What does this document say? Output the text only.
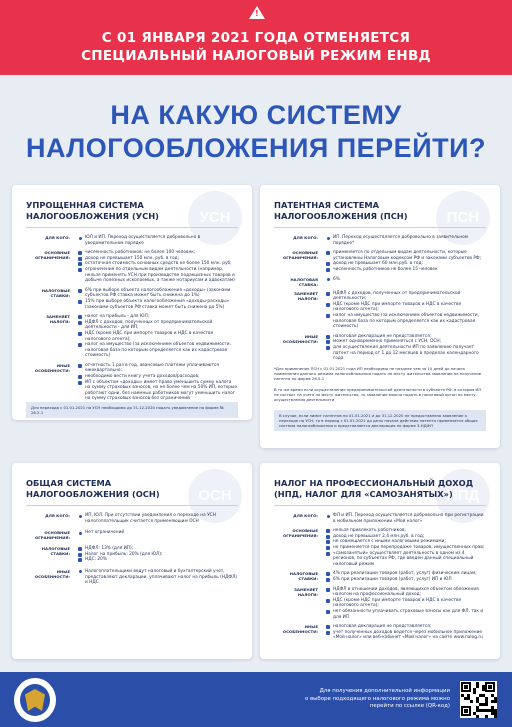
!
С 01 ЯНВАРЯ 2021 ГОДА ОТМЕНЯЕТСЯ
СПЕЦИАЛЬНЫЙ НАЛОГОВЫЙ РЕЖИМ ЕНВД
НА КАКУЮ СИСТЕМУ
НАЛОГООБЛОЖЕНИЯ ПЕРЕЙТИ?
УСН
УПРОЩЕННАЯ СИСТЕМА
НАЛОГООБЛОЖЕНИЯ (УСН)
ДЛЯ КОГО:	ЮЛ и ИП. Переход осуществляется добровольно в уведомительном порядке
ОСНОВНЫЕ ОГРАНИЧЕНИЯ:
численность работников: не более 100 человек;
доход не превышает 150 млн. руб. в год;
остаточная стоимость основных средств не более 150 млн. руб;
ограничения по отдельным видам деятельности (например, нельзя применять УСН при производстве подакцизных товаров и добыче полезных ископаемых, а также нотариусам и адвокатам)
НАЛОГОВЫЕ СТАВКИ:
6% при выборе объекта налогообложения «доходы» (законами субъектов РФ ставка может быть снижена до 1%)
15% при выборе объекта налогообложения «доходы-расходы» (законами субъектов РФ ставка может быть снижена до 5%)
ЗАМЕНЯЕТ НАЛОГИ:
налог на прибыль - для ЮЛ;
НДФЛ с доходов, полученных от предпринимательской деятельности - для ИП;
НДС (кроме НДС при импорте товаров и НДС в качестве налогового агента);
налог на имущество (за исключением объектов недвижимости, налоговая база по которым определяется как их кадастровая стоимость)
ИНЫЕ ОСОБЕННОСТИ:
отчетность 1 раз в год, авансовые платежи уплачиваются ежеквартально;
необходимо вести книгу учета доходов/расходов;
ИП с объектом «доходы» имеет право уменьшить сумму налога на сумму страховых взносов, но не более чем на 50% ИП, которые работают одни, без наемных работников могут уменьшить налог на сумму страховых взносов без ограничений
Для перехода с 01.01.2021 на УСН необходимо до 31.12.2020 подать уведомление по форме № 26.2-1
ПСН
ПАТЕНТНАЯ СИСТЕМА
НАЛОГООБЛОЖЕНИЯ (ПСН)
ДЛЯ КОГО:	ИП. Переход осуществляется добровольно в заявительном порядке*
ОСНОВНЫЕ ОГРАНИЧЕНИЯ:
применяется по отдельным видам деятельности, которые установлены Налоговым кодексом РФ и законами субъектов РФ;
доход не превышает 60 млн.руб. в год;
численность работников не более 15 человек
НАЛОГОВАЯ СТАВКА:
6%
ЗАМЕНЯЕТ НАЛОГИ:
НДФЛ с доходов, полученных от предпринимательской деятельности;
НДС (кроме НДС при импорте товаров и НДС в качестве налогового агента);
налог на имущество (за исключением объектов недвижимости, налоговая база по которым определяется как их кадастровая стоимость)
ИНЫЕ ОСОБЕННОСТИ:
налоговая декларация не представляется;
может одновременно применяться с УСН, ОСН;
для осуществления деятельности ИП по заявлению получает патент на период от 1 до 12 месяцев в пределах календарного года
*Для применения ПСН с 01.01.2021 года ИП необходимо не позднее чем за 10 дней до начала применения данного режима налогообложения подать по месту жительства заявление на получение патента по форме 26.5-1
В то же время если осуществление предпринимательской деятельности в субъекте РФ, в котором ИП не состоит на учете по месту жительства, то заявление можно подать в налоговый орган по месту осуществления деятельности
В случае, если лимит патентов по 01.01.2021 и до 31.12.2020 не предоставлено заявление о переходе на УСН, то в период с 01.01.2021 до даты начала действия патента применяется общая система налогообложения и представляется декларация по форме 3-НДФЛ
ОСН
ОБЩАЯ СИСТЕМА
НАЛОГООБЛОЖЕНИЯ (ОСН)
ДЛЯ КОГО:	ИП, ЮЛ. При отсутствии уведомления о переходе на УСН налогоплательщик считается применяющим ОСН
ОСНОВНЫЕ ОГРАНИЧЕНИЯ:
Нет ограничений
НАЛОГОВЫЕ СТАВКИ:
НДФЛ: 13% (для ИП);
Налог на прибыль: 20% (для ЮЛ);
НДС: 20%
ИНЫЕ ОСОБЕННОСТИ:
Налогоплательщики ведут налоговый и бухгалтерский учет, представляют декларации, уплачивают налог на прибыль (НДФЛ) и НДС
НПД
НАЛОГ НА ПРОФЕССИОНАЛЬНЫЙ ДОХОД
(НПД, НАЛОГ ДЛЯ «САМОЗАНЯТЫХ»)
ДЛЯ КОГО:	ФЛ и ИП. Переход осуществляется добровольно при регистрации в мобильном приложении «Мой налог»
ОСНОВНЫЕ ОГРАНИЧЕНИЯ:
нельзя привлекать работников;
доход не превышает 2,4 млн.руб. в год;
не совмещается с иными налоговыми режимами;
не применяется при перепродаже товаров, имущественных прав;
«самозанятый» осуществляет деятельность в одном из 4 регионов, по субъектах РФ, где введен данный специальный налоговый режим
НАЛОГОВЫЕ СТАВКИ:
4% при реализации товаров (работ, услуг) физическим лицам;
6% при реализации товаров (работ, услуг) ИП и ЮЛ
ЗАМЕНЯЕТ НАЛОГИ:
НДФЛ в отношении доходов, являющихся объектом обложения налогом на профессиональный доход;
НДС (кроме НДС при импорте товаров и НДС в качестве налогового агента);
нет обязанности уплачивать страховые взносы как для ФЛ, так и для ИП
ИНЫЕ ОСОБЕННОСТИ:
налоговая декларация не представляется;
учет полученных доходов ведется через мобильное приложение «Мой налог» или веб-кабинет «Мой налог» на сайте www.nalog.ru
Для получения дополнительной информации
о выборе подходящего налогового режима можно
перейти по ссылке (QR-код)
